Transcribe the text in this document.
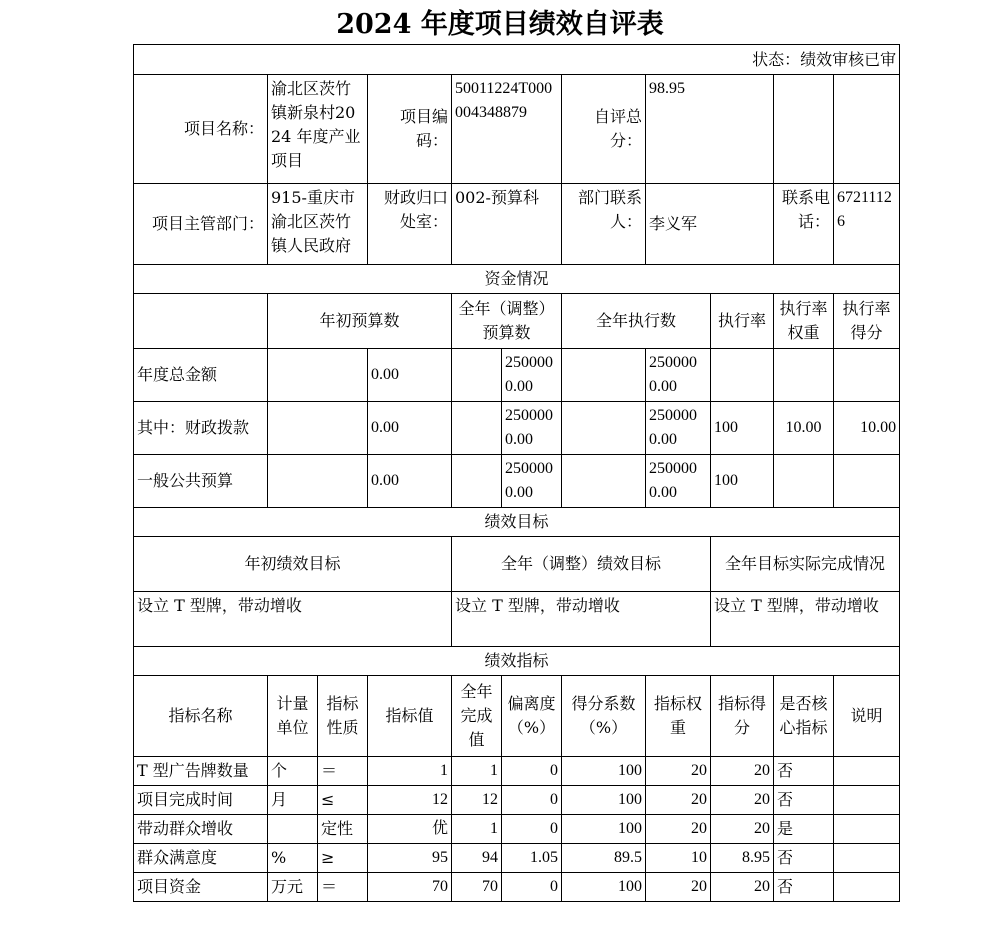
2024 年度项目绩效自评表
状态：绩效审核已审										
项目名称：	渝北区茨竹镇新泉村2024 年度产业项目		项目编码：	50011224T000004348879		自评总分：	98.95			
项目主管部门：	915-重庆市渝北区茨竹镇人民政府		财政归口处室：	002-预算科		部门联系人：	李义军		联系电话：	67211126
资金情况										
	年初预算数			全年（调整）预算数		全年执行数		执行率	执行率权重	执行率得分
年度总金额			0.00		2500000.00		2500000.00			
其中：财政拨款			0.00		2500000.00		2500000.00	100	10.00	10.00
一般公共预算			0.00		2500000.00		2500000.00	100		
绩效目标										
年初绩效目标				全年（调整）绩效目标				全年目标实际完成情况		
设立 T 型牌，带动增收				设立 T 型牌，带动增收				设立 T 型牌，带动增收		
绩效指标										
指标名称	计量单位	指标性质	指标值	全年完成值	偏离度（%）	得分系数（%）	指标权重	指标得分	是否核心指标	说明
T 型广告牌数量	个	＝	1	1	0	100	20	20	否	
项目完成时间	月	≤	12	12	0	100	20	20	否	
带动群众增收		定性	优	1	0	100	20	20	是	
群众满意度	%	≥	95	94	1.05	89.5	10	8.95	否	
项目资金	万元	＝	70	70	0	100	20	20	否	
